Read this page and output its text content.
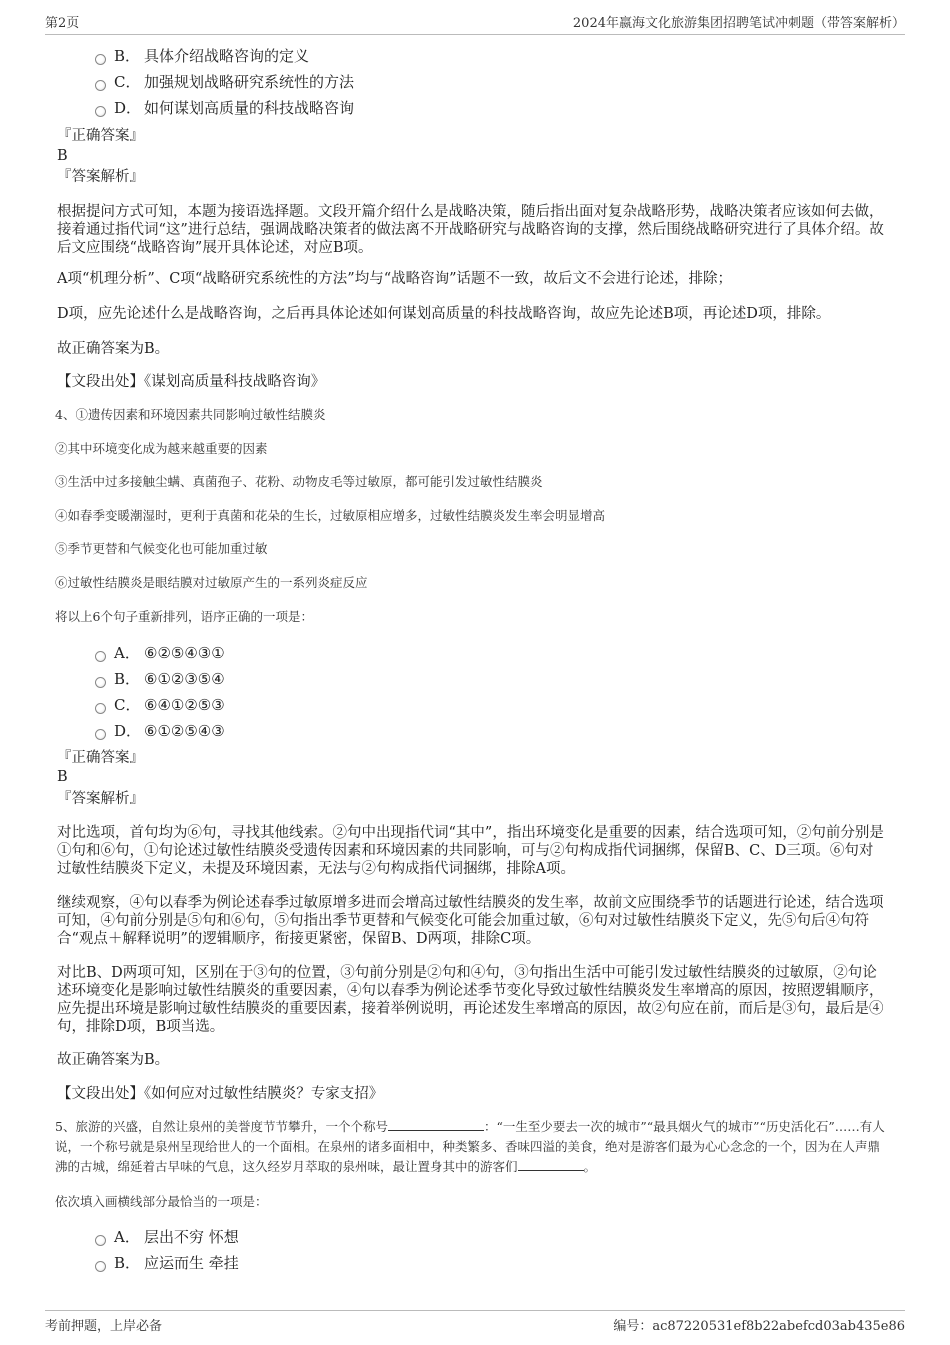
第2页	2024年嬴海文化旅游集团招聘笔试冲刺题（带答案解析）
B． 具体介绍战略咨询的定义
C． 加强规划战略研究系统性的方法
D． 如何谋划高质量的科技战略咨询
『正确答案』
B
『答案解析』
根据提问方式可知，本题为接语选择题。文段开篇介绍什么是战略决策，随后指出面对复杂战略形势，战略决策者应该如何去做，接着通过指代词“这”进行总结，强调战略决策者的做法离不开战略研究与战略咨询的支撑，然后围绕战略研究进行了具体介绍。故后文应围绕“战略咨询”展开具体论述，对应B项。
A项“机理分析”、C项“战略研究系统性的方法”均与“战略咨询”话题不一致，故后文不会进行论述，排除；
D项，应先论述什么是战略咨询，之后再具体论述如何谋划高质量的科技战略咨询，故应先论述B项，再论述D项，排除。
故正确答案为B。
【文段出处】《谋划高质量科技战略咨询》
4、①遗传因素和环境因素共同影响过敏性结膜炎
②其中环境变化成为越来越重要的因素
③生活中过多接触尘螨、真菌孢子、花粉、动物皮毛等过敏原，都可能引发过敏性结膜炎
④如春季变暖潮湿时，更利于真菌和花朵的生长，过敏原相应增多，过敏性结膜炎发生率会明显增高
⑤季节更替和气候变化也可能加重过敏
⑥过敏性结膜炎是眼结膜对过敏原产生的一系列炎症反应
将以上6个句子重新排列，语序正确的一项是：
A． ⑥②⑤④③①
B． ⑥①②③⑤④
C． ⑥④①②⑤③
D． ⑥①②⑤④③
『正确答案』
B
『答案解析』
对比选项，首句均为⑥句，寻找其他线索。②句中出现指代词“其中”，指出环境变化是重要的因素，结合选项可知，②句前分别是①句和⑥句，①句论述过敏性结膜炎受遗传因素和环境因素的共同影响，可与②句构成指代词捆绑，保留B、C、D三项。⑥句对过敏性结膜炎下定义，未提及环境因素，无法与②句构成指代词捆绑，排除A项。
继续观察，④句以春季为例论述春季过敏原增多进而会增高过敏性结膜炎的发生率，故前文应围绕季节的话题进行论述，结合选项可知，④句前分别是⑤句和⑥句，⑤句指出季节更替和气候变化可能会加重过敏，⑥句对过敏性结膜炎下定义，先⑤句后④句符合“观点＋解释说明”的逻辑顺序，衔接更紧密，保留B、D两项，排除C项。
对比B、D两项可知，区别在于③句的位置，③句前分别是②句和④句，③句指出生活中可能引发过敏性结膜炎的过敏原，②句论述环境变化是影响过敏性结膜炎的重要因素，④句以春季为例论述季节变化导致过敏性结膜炎发生率增高的原因，按照逻辑顺序，应先提出环境是影响过敏性结膜炎的重要因素，接着举例说明，再论述发生率增高的原因，故②句应在前，而后是③句，最后是④句，排除D项，B项当选。
故正确答案为B。
【文段出处】《如何应对过敏性结膜炎？专家支招》
5、旅游的兴盛，自然让泉州的美誉度节节攀升，一个个称号	：“一生至少要去一次的城市”“最具烟火气的城市”“历史活化石”……有人说，一个称号就是泉州呈现给世人的一个面相。在泉州的诸多面相中，种类繁多、香味四溢的美食，绝对是游客们最为心心念念的一个，因为在人声鼎沸的古城，绵延着古早味的气息，这久经岁月萃取的泉州味，最让置身其中的游客们	。
依次填入画横线部分最恰当的一项是：
A． 层出不穷 怀想
B． 应运而生 牵挂
考前押题，上岸必备	编号：ac87220531ef8b22abefcd03ab435e86
